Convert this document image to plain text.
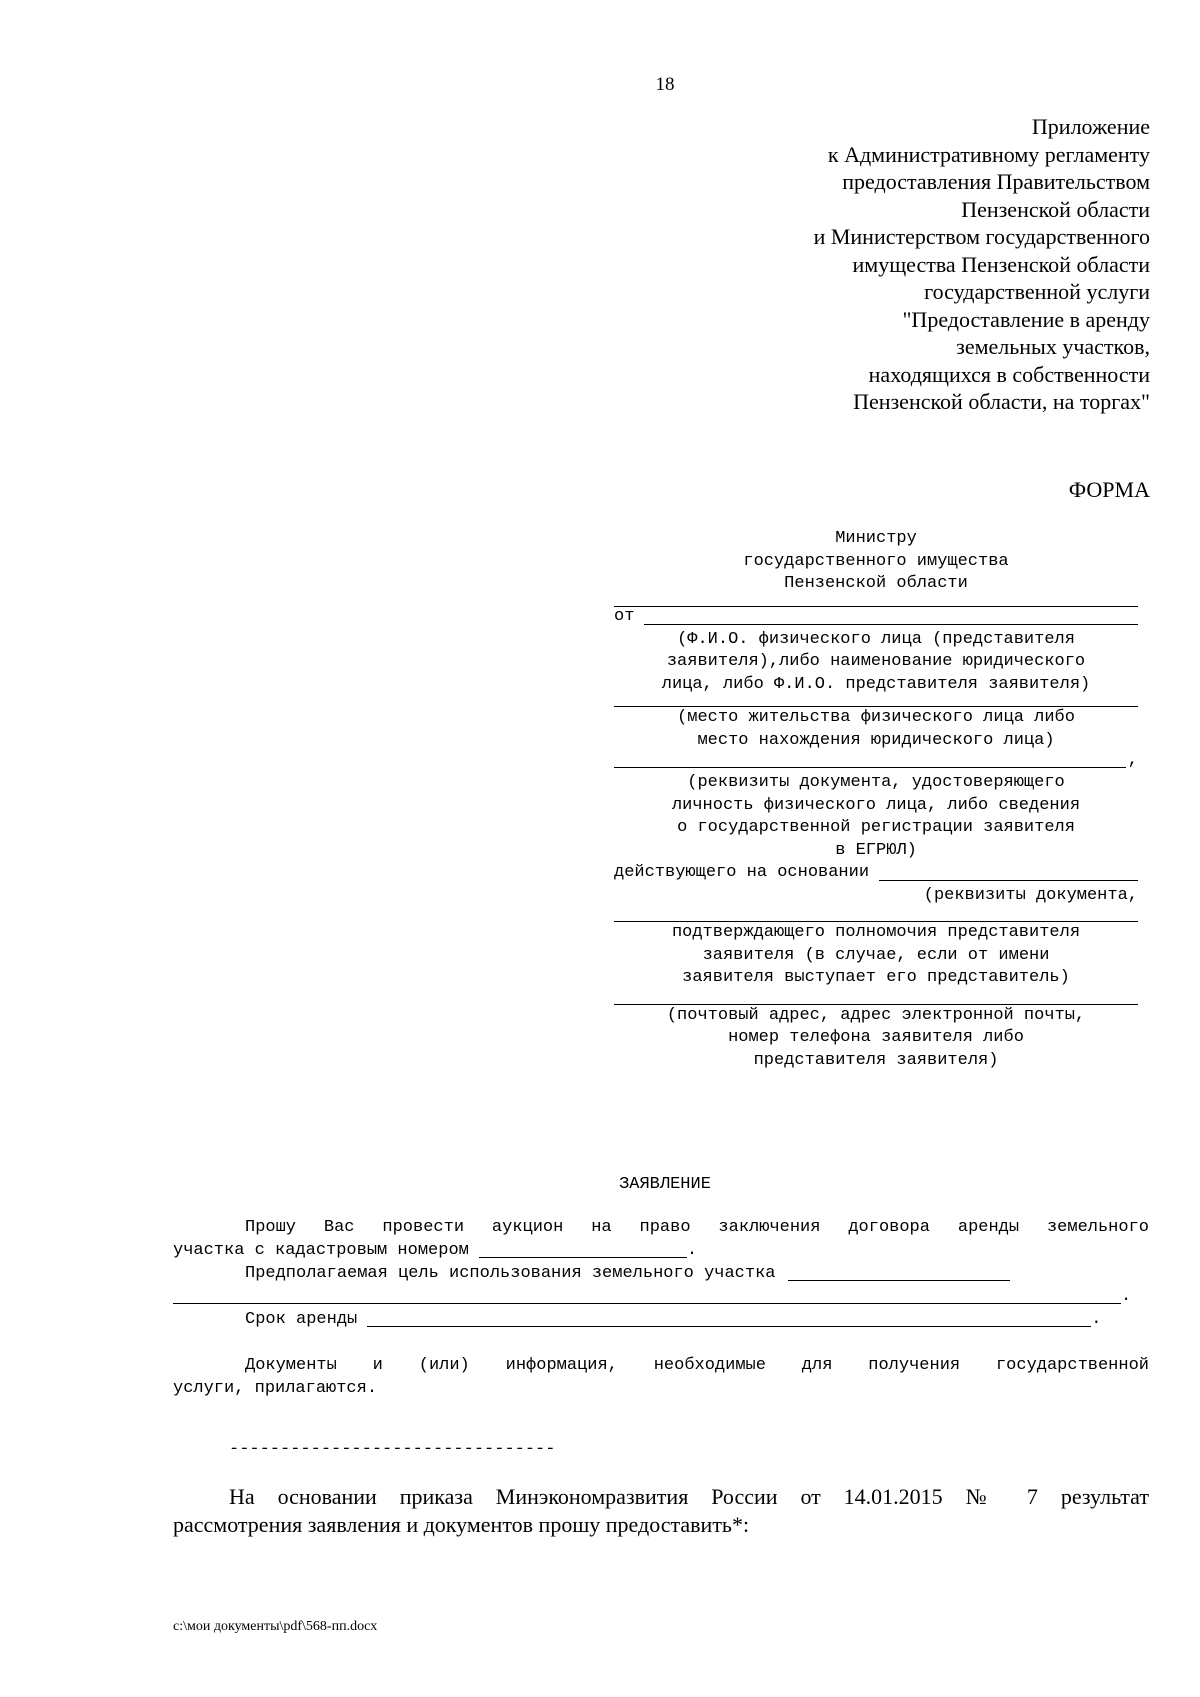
18
Приложение
к Административному регламенту
предоставления Правительством
Пензенской области
и Министерством государственного
имущества Пензенской области
государственной услуги
"Предоставление в аренду
земельных участков,
находящихся в собственности
Пензенской области, на торгах"
ФОРМА
Министру
государственного имущества
Пензенской области
от
(Ф.И.О. физического лица (представителя
заявителя),либо наименование юридического
лица, либо Ф.И.О. представителя заявителя)
(место жительства физического лица либо
место нахождения юридического лица)
,
(реквизиты документа, удостоверяющего
личность физического лица, либо сведения
о государственной регистрации заявителя
в ЕГРЮЛ)
действующего на основании
(реквизиты документа,
подтверждающего полномочия представителя
заявителя (в случае, если от имени
заявителя выступает его представитель)
(почтовый адрес, адрес электронной почты,
номер телефона заявителя либо
представителя заявителя)
ЗАЯВЛЕНИЕ
Прошу Вас провести аукцион на право заключения договора аренды земельного
участка с кадастровым номером	.
Предполагаемая цель использования земельного участка
.
Срок аренды	.
Документы и (или) информация, необходимые для получения государственной
услуги, прилагаются.
--------------------------------
На основании приказа Минэкономразвития России от 14.01.2015 № 7 результат
рассмотрения заявления и документов прошу предоставить*:
c:\мои документы\pdf\568-пп.docx
